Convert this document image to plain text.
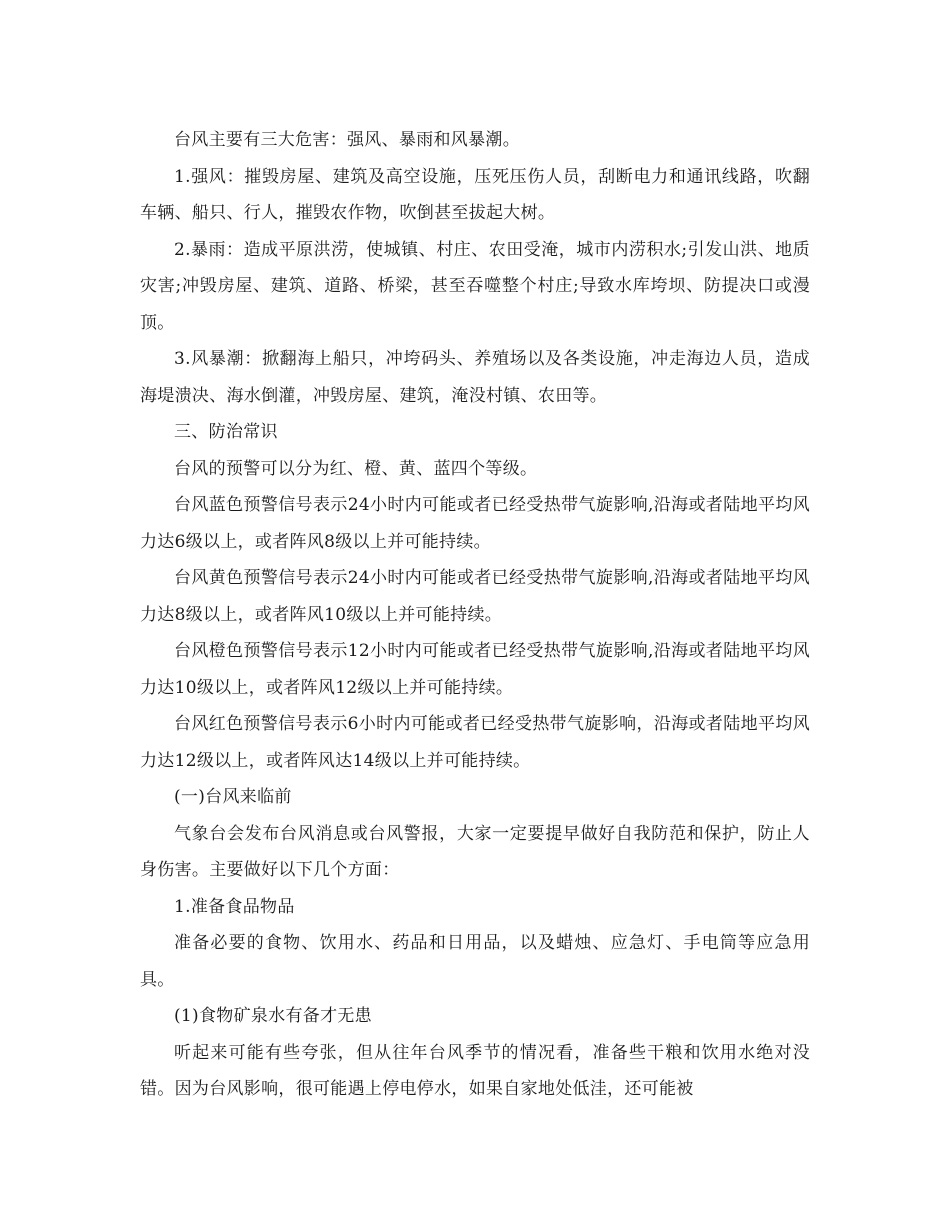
台风主要有三大危害：强风、暴雨和风暴潮。

1.强风：摧毁房屋、建筑及高空设施，压死压伤人员，刮断电力和通讯线路，吹翻车辆、船只、行人，摧毁农作物，吹倒甚至拔起大树。

2.暴雨：造成平原洪涝，使城镇、村庄、农田受淹，城市内涝积水;引发山洪、地质灾害;冲毁房屋、建筑、道路、桥梁，甚至吞噬整个村庄;导致水库垮坝、防提决口或漫顶。

3.风暴潮：掀翻海上船只，冲垮码头、养殖场以及各类设施，冲走海边人员，造成海堤溃决、海水倒灌，冲毁房屋、建筑，淹没村镇、农田等。

三、防治常识

台风的预警可以分为红、橙、黄、蓝四个等级。

台风蓝色预警信号表示24小时内可能或者已经受热带气旋影响,沿海或者陆地平均风力达6级以上，或者阵风8级以上并可能持续。

台风黄色预警信号表示24小时内可能或者已经受热带气旋影响,沿海或者陆地平均风力达8级以上，或者阵风10级以上并可能持续。

台风橙色预警信号表示12小时内可能或者已经受热带气旋影响,沿海或者陆地平均风力达10级以上，或者阵风12级以上并可能持续。

台风红色预警信号表示6小时内可能或者已经受热带气旋影响，沿海或者陆地平均风力达12级以上，或者阵风达14级以上并可能持续。

(一)台风来临前

气象台会发布台风消息或台风警报，大家一定要提早做好自我防范和保护，防止人身伤害。主要做好以下几个方面：

1.准备食品物品

准备必要的食物、饮用水、药品和日用品，以及蜡烛、应急灯、手电筒等应急用具。

(1)食物矿泉水有备才无患

听起来可能有些夸张，但从往年台风季节的情况看，准备些干粮和饮用水绝对没错。因为台风影响，很可能遇上停电停水，如果自家地处低洼，还可能被
